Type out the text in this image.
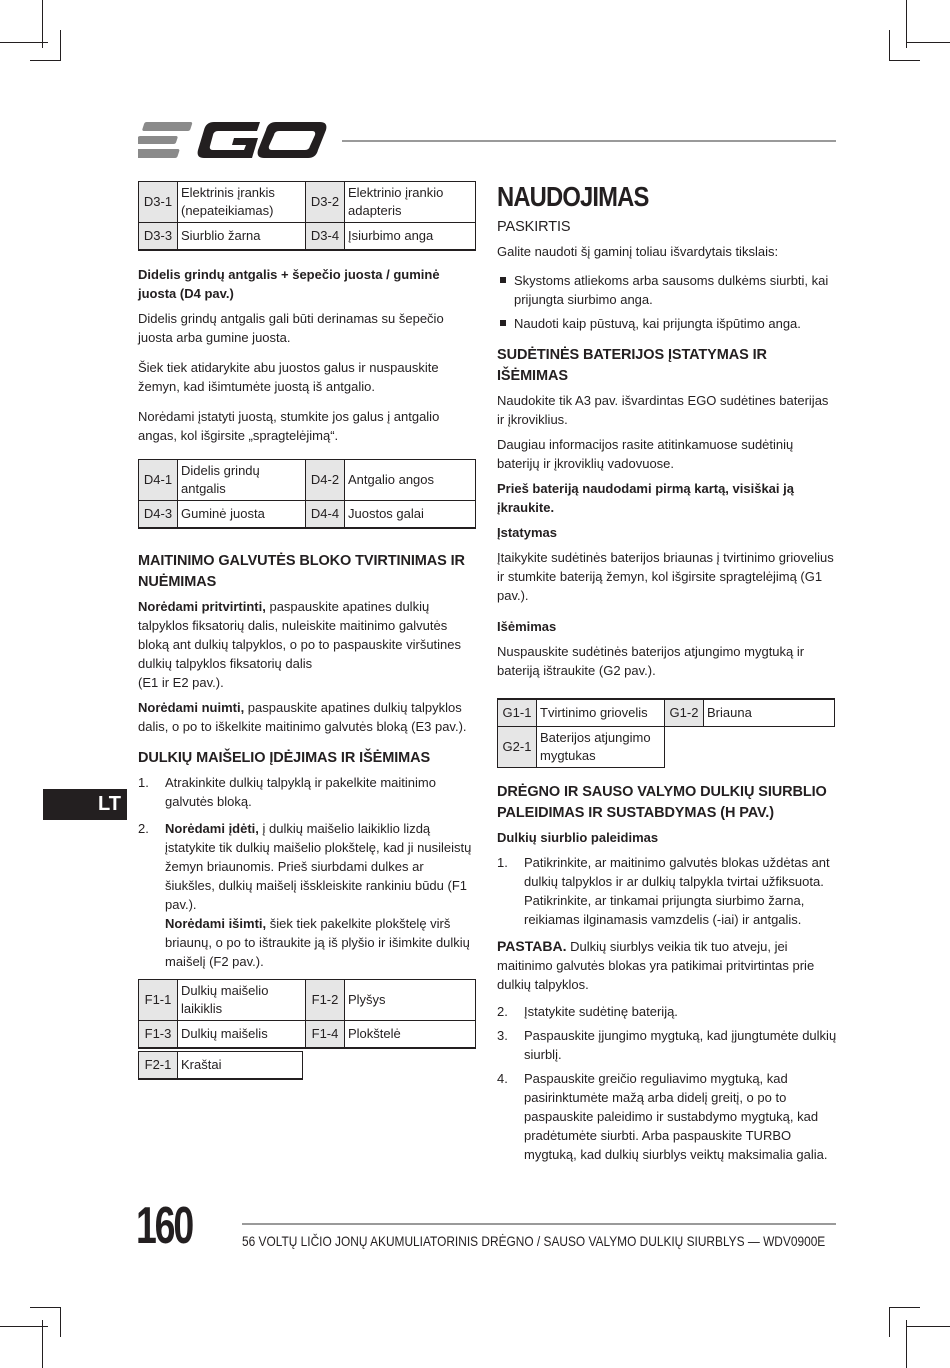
D3-1	Elektrinis įrankis (nepateikiamas)	D3-2	Elektrinio įrankio adapteris
D3-3	Siurblio žarna	D3-4	Įsiurbimo anga

Didelis grindų antgalis + šepečio juosta / guminė juosta (D4 pav.)

Didelis grindų antgalis gali būti derinamas su šepečio juosta arba gumine juosta.

Šiek tiek atidarykite abu juostos galus ir nuspauskite žemyn, kad išimtumėte juostą iš antgalio.

Norėdami įstatyti juostą, stumkite jos galus į antgalio angas, kol išgirsite „spragtelėjimą“.

D4-1	Didelis grindų antgalis	D4-2	Antgalio angos
D4-3	Guminė juosta	D4-4	Juostos galai
MAITINIMO GALVUTĖS BLOKO TVIRTINIMAS IR NUĖMIMAS

Norėdami pritvirtinti, paspauskite apatines dulkių talpyklos fiksatorių dalis, nuleiskite maitinimo galvutės bloką ant dulkių talpyklos, o po to paspauskite viršutines dulkių talpyklos fiksatorių dalis

(E1 ir E2 pav.).

Norėdami nuimti, paspauskite apatines dulkių talpyklos dalis, o po to iškelkite maitinimo galvutės bloką (E3 pav.).

DULKIŲ MAIŠELIO ĮDĖJIMAS IR IŠĖMIMAS
1. Atrakinkite dulkių talpyklą ir pakelkite maitinimo galvutės bloką.
2. Norėdami įdėti, į dulkių maišelio laikiklio lizdą įstatykite tik dulkių maišelio plokštelę, kad ji nusileistų žemyn briaunomis. Prieš siurbdami dulkes ar šiukšles, dulkių maišelį išskleiskite rankiniu būdu (F1 pav.).
Norėdami išimti, šiek tiek pakelkite plokštelę virš briaunų, o po to ištraukite ją iš plyšio ir išimkite dulkių maišelį (F2 pav.).
F1-1	Dulkių maišelio laikiklis	F1-2	Plyšys
F1-3	Dulkių maišelis	F1-4	Plokštelė
F2-1	Kraštai
NAUDOJIMAS
PASKIRTIS

Galite naudoti šį gaminį toliau išvardytais tikslais:

Skystoms atliekoms arba sausoms dulkėms siurbti, kai prijungta siurbimo anga.
Naudoti kaip pūstuvą, kai prijungta išpūtimo anga.
SUDĖTINĖS BATERIJOS ĮSTATYMAS IR IŠĖMIMAS

Naudokite tik A3 pav. išvardintas EGO sudėtines baterijas ir įkroviklius.

Daugiau informacijos rasite atitinkamuose sudėtinių baterijų ir įkroviklių vadovuose.

Prieš bateriją naudodami pirmą kartą, visiškai ją įkraukite.

Įstatymas

Įtaikykite sudėtinės baterijos briaunas į tvirtinimo griovelius ir stumkite bateriją žemyn, kol išgirsite spragtelėjimą (G1 pav.).

Išėmimas

Nuspauskite sudėtinės baterijos atjungimo mygtuką ir bateriją ištraukite (G2 pav.).

G1-1	Tvirtinimo griovelis	G1-2	Briauna
G2-1	Baterijos atjungimo mygtukas		
DRĖGNO IR SAUSO VALYMO DULKIŲ SIURBLIO PALEIDIMAS IR SUSTABDYMAS (H PAV.)

Dulkių siurblio paleidimas

1. Patikrinkite, ar maitinimo galvutės blokas uždėtas ant dulkių talpyklos ir ar dulkių talpykla tvirtai užfiksuota. Patikrinkite, ar tinkamai prijungta siurbimo žarna, reikiamas ilginamasis vamzdelis (-iai) ir antgalis.

PASTABA. Dulkių siurblys veikia tik tuo atveju, jei maitinimo galvutės blokas yra patikimai pritvirtintas prie dulkių talpyklos.

2. Įstatykite sudėtinę bateriją.
3. Paspauskite įjungimo mygtuką, kad įjungtumėte dulkių siurblį.
4. Paspauskite greičio reguliavimo mygtuką, kad pasirinktumėte mažą arba didelį greitį, o po to paspauskite paleidimo ir sustabdymo mygtuką, kad pradėtumėte siurbti. Arba paspauskite TURBO mygtuką, kad dulkių siurblys veiktų maksimalia galia.
LT
160	56 VOLTŲ LIČIO JONŲ AKUMULIATORINIS DRĖGNO / SAUSO VALYMO DULKIŲ SIURBLYS — WDV0900E
